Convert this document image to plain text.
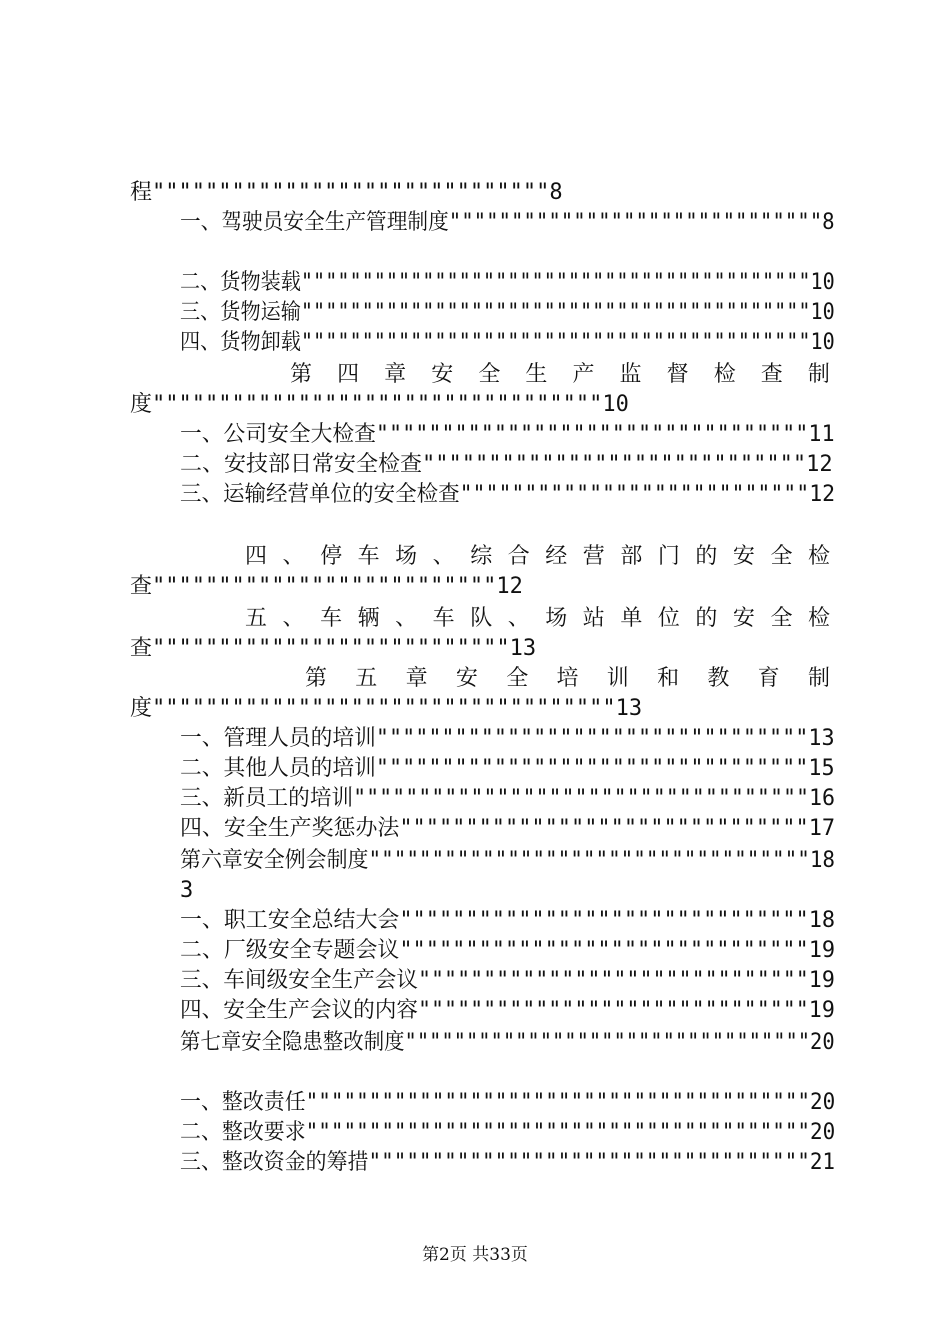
程""""""""""""""""""""""""""""""8
一、驾驶员安全生产管理制度""""""""""""""""""""""""""""""8
二、货物装载""""""""""""""""""""""""""""""""""""""""""10
三、货物运输""""""""""""""""""""""""""""""""""""""""""10
四、货物卸载""""""""""""""""""""""""""""""""""""""""""10
第 四 章 安 全 生 产 监 督 检 查 制
度""""""""""""""""""""""""""""""""""10
一、公司安全大检查"""""""""""""""""""""""""""""""""11
二、安技部日常安全检查"""""""""""""""""""""""""""""12
三、运输经营单位的安全检查"""""""""""""""""""""""""""12
四 、 停 车 场 、 综 合 经 营 部 门 的 安 全 检
查""""""""""""""""""""""""""12
五 、 车 辆 、 车 队 、 场 站 单 位 的 安 全 检
查"""""""""""""""""""""""""""13
第 五 章 安 全 培 训 和 教 育 制
度"""""""""""""""""""""""""""""""""""13
一、管理人员的培训"""""""""""""""""""""""""""""""""13
二、其他人员的培训"""""""""""""""""""""""""""""""""15
三、新员工的培训"""""""""""""""""""""""""""""""""""16
四、安全生产奖惩办法"""""""""""""""""""""""""""""""17
第六章安全例会制度"""""""""""""""""""""""""""""""""""18
3
一、职工安全总结大会"""""""""""""""""""""""""""""""18
二、厂级安全专题会议"""""""""""""""""""""""""""""""19
三、车间级安全生产会议""""""""""""""""""""""""""""""19
四、安全生产会议的内容""""""""""""""""""""""""""""""19
第七章安全隐患整改制度"""""""""""""""""""""""""""""""""20
一、整改责任""""""""""""""""""""""""""""""""""""""""20
二、整改要求""""""""""""""""""""""""""""""""""""""""20
三、整改资金的筹措"""""""""""""""""""""""""""""""""""21
第2页 共33页
